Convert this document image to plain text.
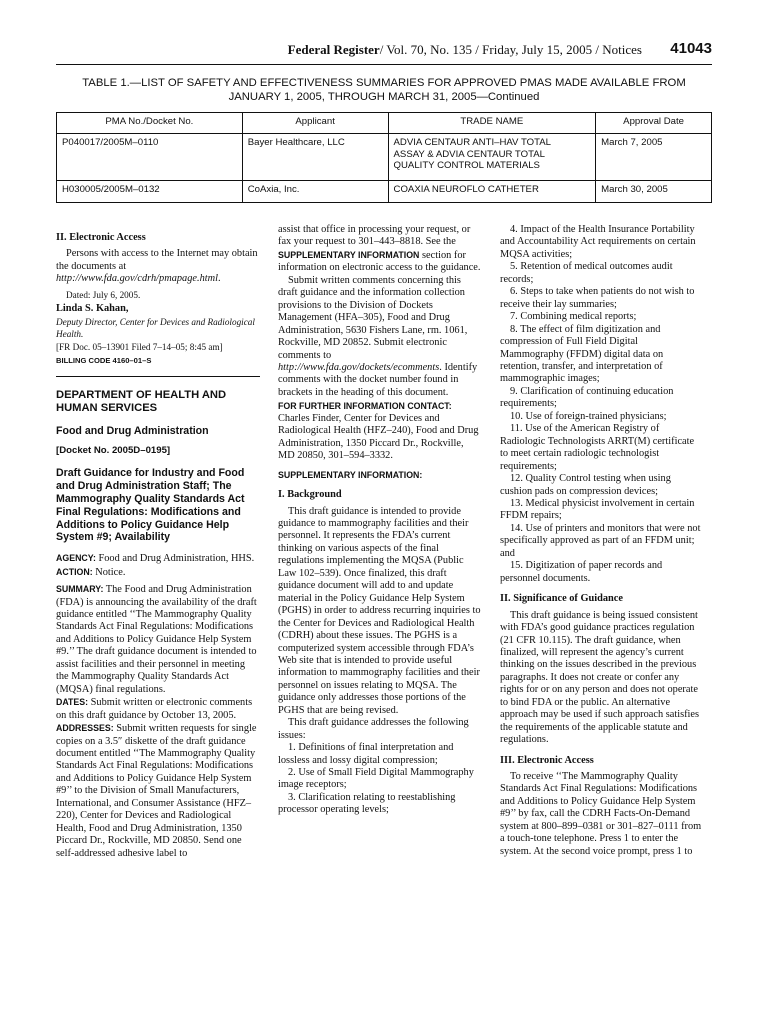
Federal Register/ Vol. 70, No. 135 / Friday, July 15, 2005 / Notices 41043
TABLE 1.—LIST OF SAFETY AND EFFECTIVENESS SUMMARIES FOR APPROVED PMAS MADE AVAILABLE FROM JANUARY 1, 2005, THROUGH MARCH 31, 2005—Continued
PMA No./Docket No.	Applicant	TRADE NAME	Approval Date
P040017/2005M–0110	Bayer Healthcare, LLC	ADVIA CENTAUR ANTI–HAV TOTAL
ASSAY & ADVIA CENTAUR TOTAL
QUALITY CONTROL MATERIALS	March 7, 2005
H030005/2005M–0132	CoAxia, Inc.	COAXIA NEUROFLO CATHETER	March 30, 2005

II. Electronic Access

Persons with access to the Internet may obtain the documents at http://www.fda.gov/cdrh/pmapage.html.

Dated: July 6, 2005.

Linda S. Kahan,

Deputy Director, Center for Devices and Radiological Health.

[FR Doc. 05–13901 Filed 7–14–05; 8:45 am]

BILLING CODE 4160–01–S

DEPARTMENT OF HEALTH AND HUMAN SERVICES

Food and Drug Administration

[Docket No. 2005D–0195]

Draft Guidance for Industry and Food and Drug Administration Staff; The Mammography Quality Standards Act Final Regulations: Modifications and Additions to Policy Guidance Help System #9; Availability

AGENCY: Food and Drug Administration, HHS.

ACTION: Notice.

SUMMARY: The Food and Drug Administration (FDA) is announcing the availability of the draft guidance entitled ‘‘The Mammography Quality Standards Act Final Regulations: Modifications and Additions to Policy Guidance Help System #9.’’ The draft guidance document is intended to assist facilities and their personnel in meeting the Mammography Quality Standards Act (MQSA) final regulations.

DATES: Submit written or electronic comments on this draft guidance by October 13, 2005.

ADDRESSES: Submit written requests for single copies on a 3.5″ diskette of the draft guidance document entitled ‘‘The Mammography Quality Standards Act Final Regulations: Modifications and Additions to Policy Guidance Help System #9’’ to the Division of Small Manufacturers, International, and Consumer Assistance (HFZ–220), Center for Devices and Radiological Health, Food and Drug Administration, 1350 Piccard Dr., Rockville, MD 20850. Send one self-addressed adhesive label to

assist that office in processing your request, or fax your request to 301–443–8818. See the SUPPLEMENTARY INFORMATION section for information on electronic access to the guidance.

Submit written comments concerning this draft guidance and the information collection provisions to the Division of Dockets Management (HFA–305), Food and Drug Administration, 5630 Fishers Lane, rm. 1061, Rockville, MD 20852. Submit electronic comments to http://www.fda.gov/dockets/ecomments. Identify comments with the docket number found in brackets in the heading of this document.

FOR FURTHER INFORMATION CONTACT:

Charles Finder, Center for Devices and Radiological Health (HFZ–240), Food and Drug Administration, 1350 Piccard Dr., Rockville, MD 20850, 301–594–3332.

SUPPLEMENTARY INFORMATION:

I. Background

This draft guidance is intended to provide guidance to mammography facilities and their personnel. It represents the FDA’s current thinking on various aspects of the final regulations implementing the MQSA (Public Law 102–539). Once finalized, this draft guidance document will add to and update material in the Policy Guidance Help System (PGHS) in order to address recurring inquiries to the Center for Devices and Radiological Health (CDRH) about these issues. The PGHS is a computerized system accessible through FDA’s Web site that is intended to provide useful information to mammography facilities and their personnel on issues relating to MQSA. The guidance only addresses those portions of the PGHS that are being revised.

This draft guidance addresses the following issues:

1. Definitions of final interpretation and lossless and lossy digital compression;

2. Use of Small Field Digital Mammography image receptors;

3. Clarification relating to reestablishing processor operating levels;

4. Impact of the Health Insurance Portability and Accountability Act requirements on certain MQSA activities;

5. Retention of medical outcomes audit records;

6. Steps to take when patients do not wish to receive their lay summaries;

7. Combining medical reports;

8. The effect of film digitization and compression of Full Field Digital Mammography (FFDM) digital data on retention, transfer, and interpretation of mammographic images;

9. Clarification of continuing education requirements;

10. Use of foreign-trained physicians;

11. Use of the American Registry of Radiologic Technologists ARRT(M) certificate to meet certain radiologic technologist requirements;

12. Quality Control testing when using cushion pads on compression devices;

13. Medical physicist involvement in certain FFDM repairs;

14. Use of printers and monitors that were not specifically approved as part of an FFDM unit; and

15. Digitization of paper records and personnel documents.

II. Significance of Guidance

This draft guidance is being issued consistent with FDA’s good guidance practices regulation (21 CFR 10.115). The draft guidance, when finalized, will represent the agency’s current thinking on the issues described in the previous paragraphs. It does not create or confer any rights for or on any person and does not operate to bind FDA or the public. An alternative approach may be used if such approach satisfies the requirements of the applicable statute and regulations.

III. Electronic Access

To receive ‘‘The Mammography Quality Standards Act Final Regulations: Modifications and Additions to Policy Guidance Help System #9’’ by fax, call the CDRH Facts-On-Demand system at 800–899–0381 or 301–827–0111 from a touch-tone telephone. Press 1 to enter the system. At the second voice prompt, press 1 to
